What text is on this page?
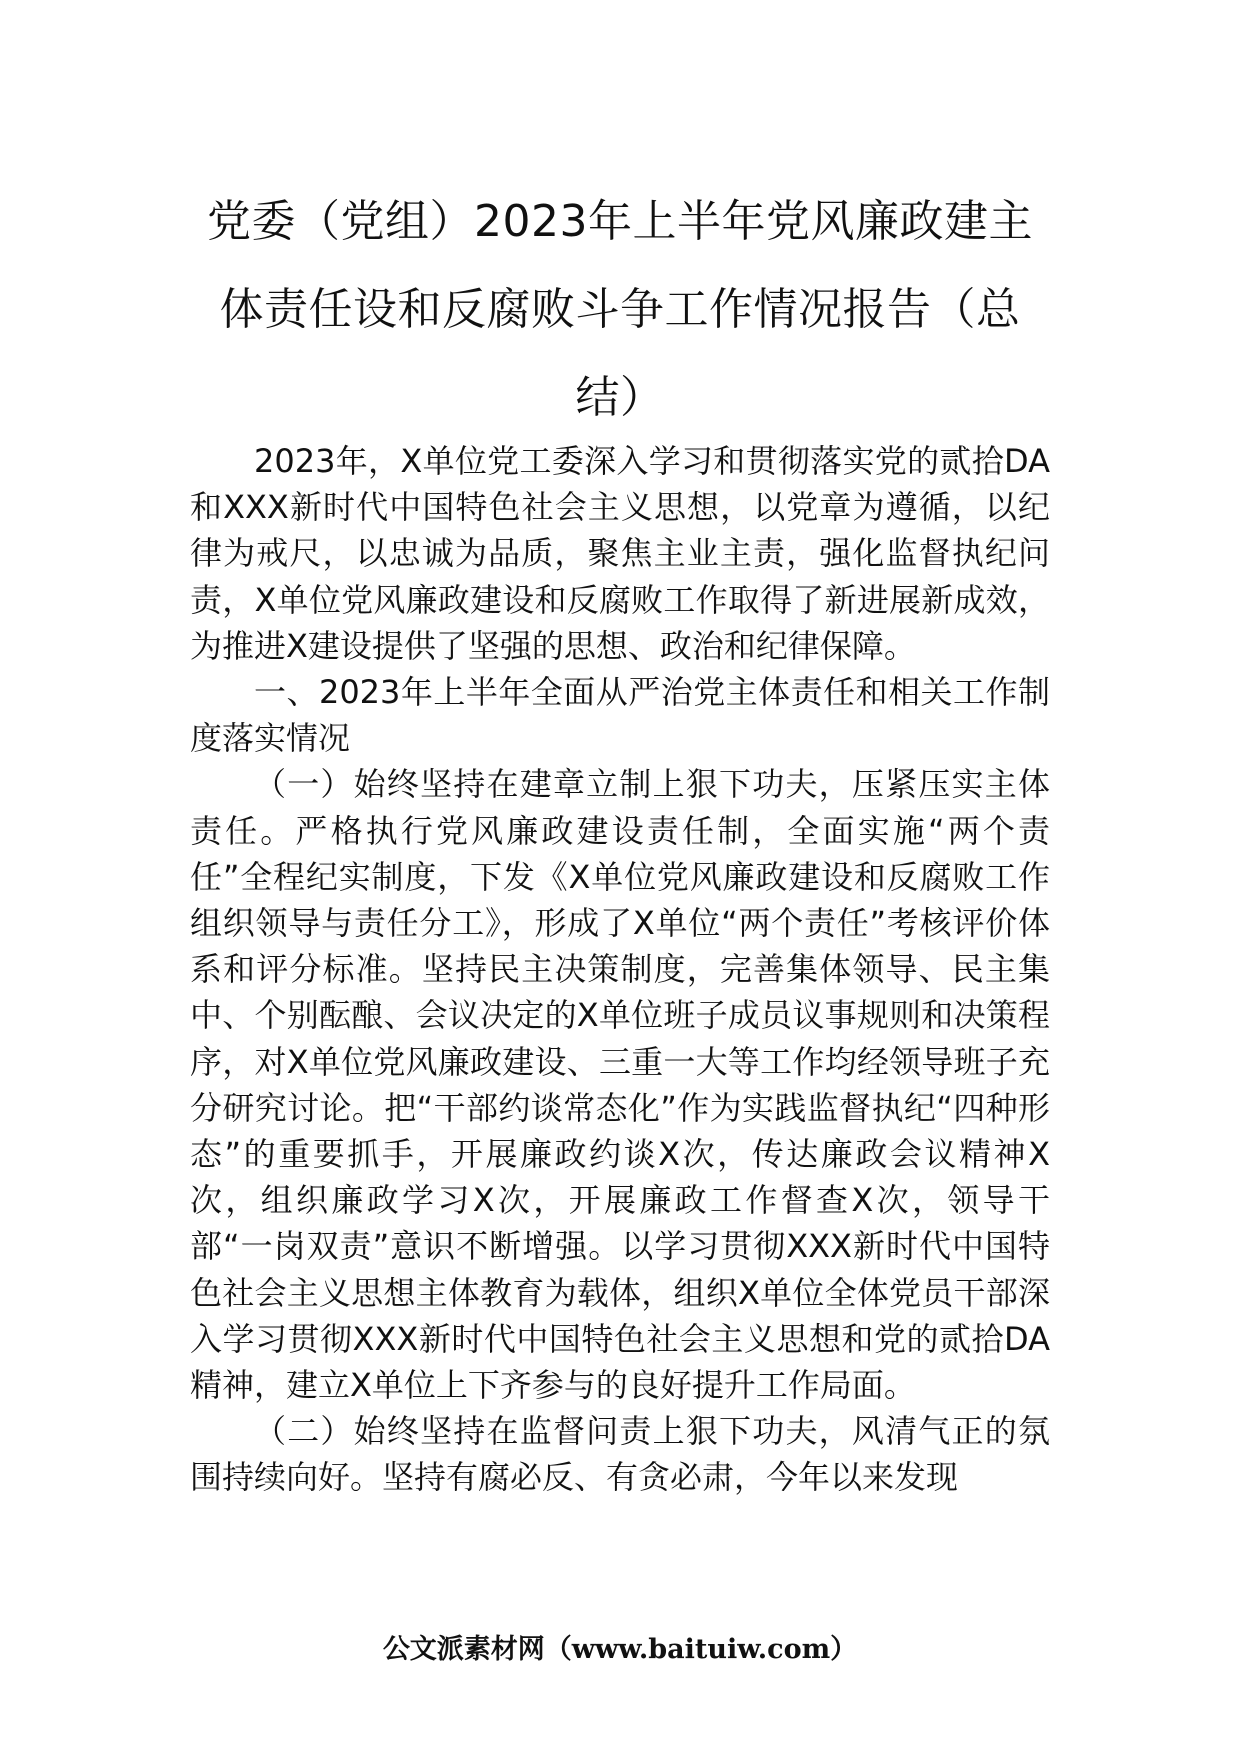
党委（党组）2023年上半年党风廉政建主体责任设和反腐败斗争工作情况报告（总结）

2023年，X单位党工委深入学习和贯彻落实党的贰拾DA和XXX新时代中国特色社会主义思想，以党章为遵循，以纪律为戒尺，以忠诚为品质，聚焦主业主责，强化监督执纪问责，X单位党风廉政建设和反腐败工作取得了新进展新成效，为推进X建设提供了坚强的思想、政治和纪律保障。

一、2023年上半年全面从严治党主体责任和相关工作制度落实情况

（一）始终坚持在建章立制上狠下功夫，压紧压实主体责任。严格执行党风廉政建设责任制，全面实施“两个责任”全程纪实制度，下发《X单位党风廉政建设和反腐败工作组织领导与责任分工》，形成了X单位“两个责任”考核评价体系和评分标准。坚持民主决策制度，完善集体领导、民主集中、个别酝酿、会议决定的X单位班子成员议事规则和决策程序，对X单位党风廉政建设、三重一大等工作均经领导班子充分研究讨论。把“干部约谈常态化”作为实践监督执纪“四种形态”的重要抓手，开展廉政约谈X次，传达廉政会议精神X次，组织廉政学习X次，开展廉政工作督查X次，领导干部“一岗双责”意识不断增强。以学习贯彻XXX新时代中国特色社会主义思想主体教育为载体，组织X单位全体党员干部深入学习贯彻XXX新时代中国特色社会主义思想和党的贰拾DA精神，建立X单位上下齐参与的良好提升工作局面。

（二）始终坚持在监督问责上狠下功夫，风清气正的氛围持续向好。坚持有腐必反、有贪必肃，今年以来发现

公文派素材网（www.baituiw.com）
